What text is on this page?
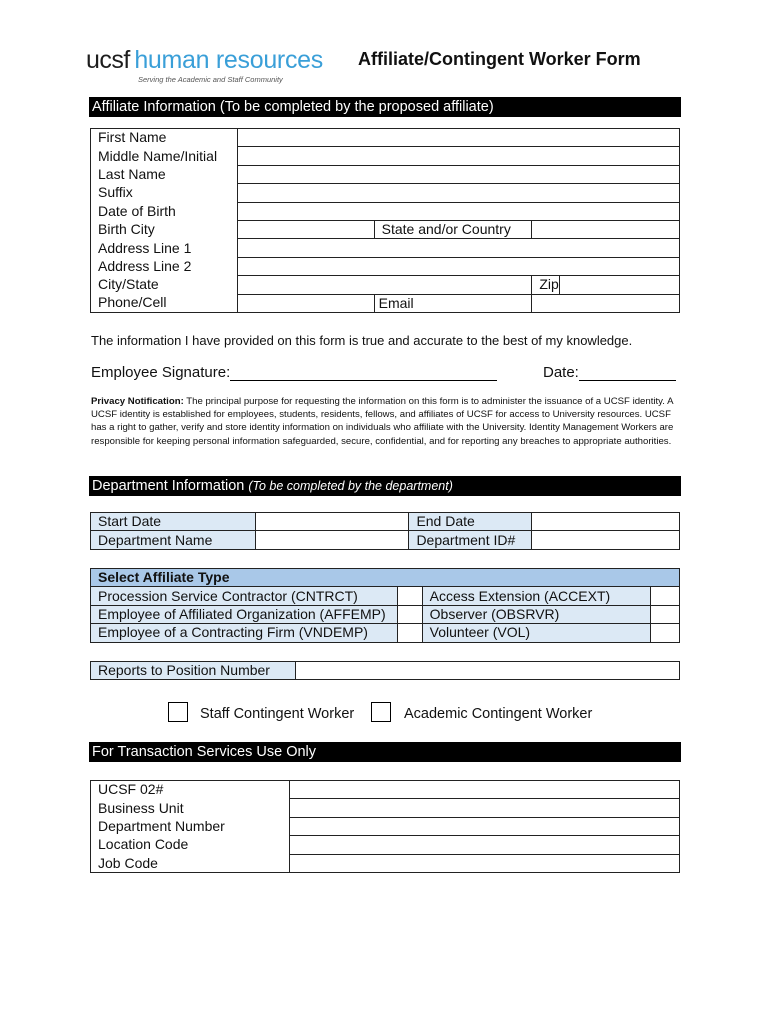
ucsf human resources
Serving the Academic and Staff Community
Affiliate/Contingent Worker Form
Affiliate Information (To be completed by the proposed affiliate)
First Name				
Middle Name/Initial				
Last Name				
Suffix				
Date of Birth				
Birth City		State and/or Country		
Address Line 1				
Address Line 2				
City/State			Zip	
Phone/Cell		Email		
The information I have provided on this form is true and accurate to the best of my knowledge.
Employee Signature:	Date:
Privacy Notification: The principal purpose for requesting the information on this form is to administer the issuance of a UCSF identity. A UCSF identity is established for employees, students, residents, fellows, and affiliates of UCSF for access to University resources. UCSF has a right to gather, verify and store identity information on individuals who affiliate with the University. Identity Management Workers are responsible for keeping personal information safeguarded, secure, confidential, and for reporting any breaches to appropriate authorities.
Department Information (To be completed by the department)
Start Date		End Date	
Department Name		Department ID#	
Select Affiliate Type			
Procession Service Contractor (CNTRCT)		Access Extension (ACCEXT)	
Employee of Affiliated Organization (AFFEMP)		Observer (OBSRVR)	
Employee of a Contracting Firm (VNDEMP)		Volunteer (VOL)	
Reports to Position Number	
Staff Contingent Worker	Academic Contingent Worker
For Transaction Services Use Only
UCSF 02#	
Business Unit	
Department Number	
Location Code	
Job Code	
